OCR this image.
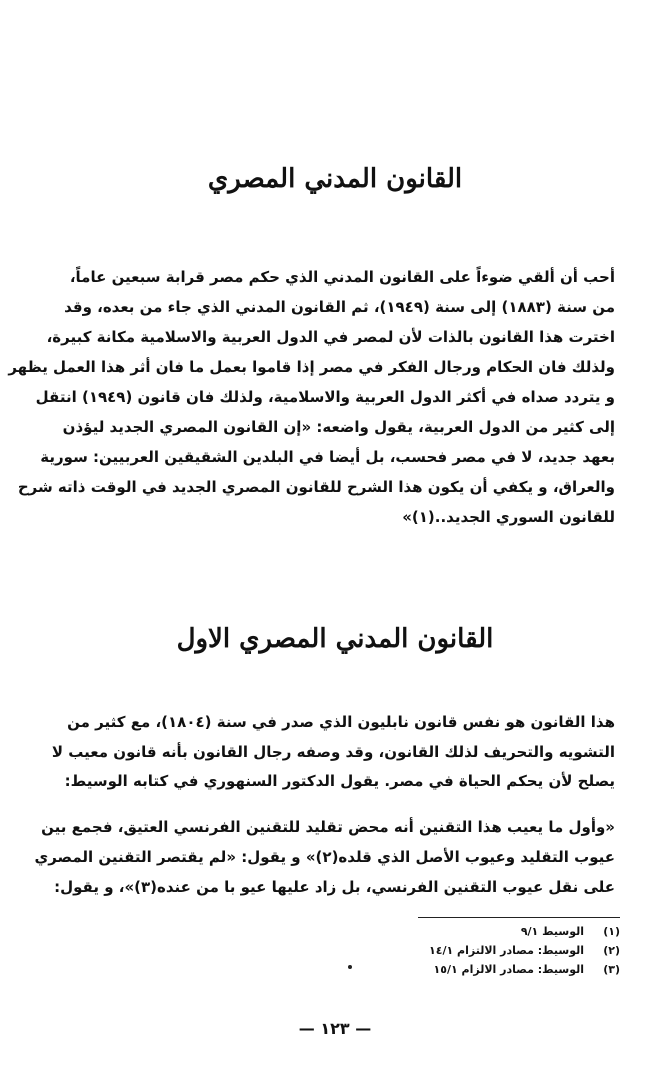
القانون المدني المصري
أحب أن ألقي ضوءاً على القانون المدني الذي حكم مصر قرابة سبعين عاماً،
من سنة (١٨٨٣) إلى سنة (١٩٤٩)، ثم القانون المدني الذي جاء من بعده، وقد
اخترت هذا القانون بالذات لأن لمصر في الدول العربية والاسلامية مكانة كبيرة،
ولذلك فان الحكام ورجال الفكر في مصر إذا قاموا بعمل ما فان أثر هذا العمل يظهر
و يتردد صداه في أكثر الدول العربية والاسلامية، ولذلك فان قانون (١٩٤٩) انتقل
إلى كثير من الدول العربية، يقول واضعه: «إن القانون المصري الجديد ليؤذن
بعهد جديد، لا في مصر فحسب، بل أيضا في البلدين الشقيقين العربيين: سورية
والعراق، و يكفي أن يكون هذا الشرح للقانون المصري الجديد في الوقت ذاته شرح
للقانون السوري الجديد..(١)»
القانون المدني المصري الاول
هذا القانون هو نفس قانون نابليون الذي صدر في سنة (١٨٠٤)، مع كثير من
التشويه والتحريف لذلك القانون، وقد وصفه رجال القانون بأنه قانون معيب لا
يصلح لأن يحكم الحياة في مصر. يقول الدكتور السنهوري في كتابه الوسيط:
«وأول ما يعيب هذا التقنين أنه محض تقليد للتقنين الفرنسي العتيق، فجمع بين
عيوب التقليد وعيوب الأصل الذي قلده(٢)» و يقول: «لم يقتصر التقنين المصري
على نقل عيوب التقنين الفرنسي، بل زاد عليها عيو با من عنده(٣)»، و يقول:
(١)الوسيط ٩/١
(٢)الوسيط: مصادر الالتزام ١٤/١
(٣)الوسيط: مصادر الالزام ١٥/١
— ١٢٣ —
